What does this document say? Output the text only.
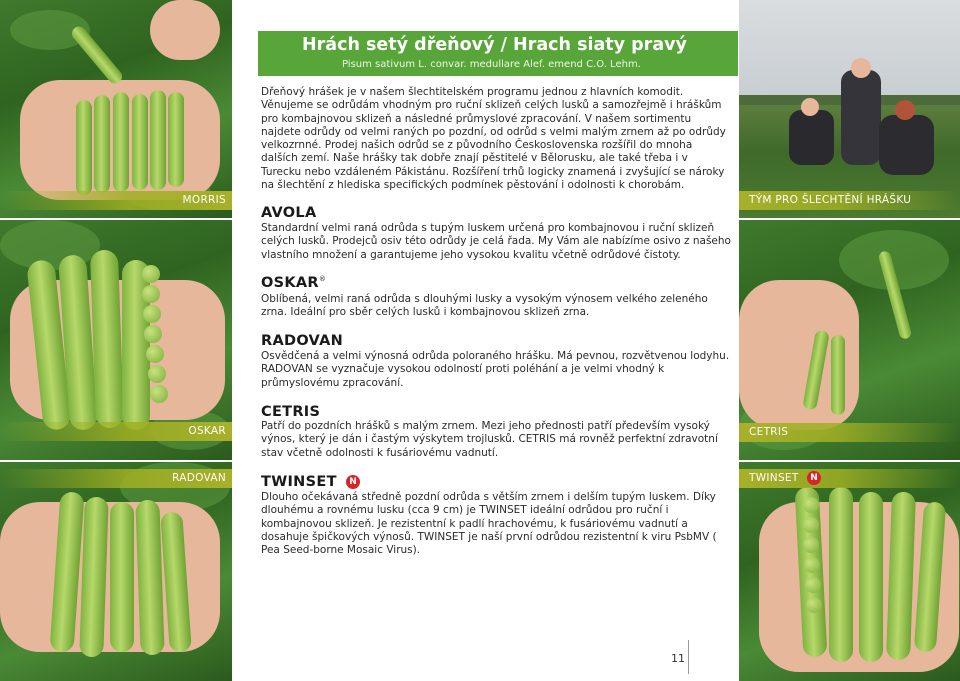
MORRIS
OSKAR
RADOVAN
TÝM PRO ŠLECHTĚNÍ HRÁŠKU
CETRIS
TWINSET N
Hrách setý dřeňový / Hrach siaty pravý
Pisum sativum L. convar. medullare Alef. emend C.O. Lehm.

Dřeňový hrášek je v našem šlechtitelském programu jednou z hlavních komodit. Věnujeme se odrůdám vhodným pro ruční sklizeň celých lusků a samozřejmě i hráškům pro kombajnovou sklizeň a následné průmyslové zpracování. V našem sortimentu najdete odrůdy od velmi raných po pozdní, od odrůd s velmi malým zrnem až po odrůdy velkozrnné. Prodej našich odrůd se z původního Československa rozšířil do mnoha dalších zemí. Naše hrášky tak dobře znají pěstitelé v Bělorusku, ale také třeba i v Turecku nebo vzdáleném Pákistánu. Rozšíření trhů logicky znamená i zvyšující se nároky na šlechtění z hlediska specifických podmínek pěstování i odolnosti k chorobám.

AVOLA
Standardní velmi raná odrůda s tupým luskem určená pro kombajnovou i ruční sklizeň celých lusků. Prodejců osiv této odrůdy je celá řada. My Vám ale nabízíme osivo z našeho vlastního množení a garantujeme jeho vysokou kvalitu včetně odrůdové čistoty.
OSKAR®
Oblíbená, velmi raná odrůda s dlouhými lusky a vysokým výnosem velkého zeleného zrna. Ideální pro sběr celých lusků i kombajnovou sklizeň zrna.
RADOVAN
Osvědčená a velmi výnosná odrůda poloraného hrášku. Má pevnou, rozvětvenou lodyhu. RADOVAN se vyznačuje vysokou odolností proti poléhání a je velmi vhodný k průmyslovému zpracování.
CETRIS
Patří do pozdních hrášků s malým zrnem. Mezi jeho přednosti patří především vysoký výnos, který je dán i častým výskytem trojlusků. CETRIS má rovněž perfektní zdravotní stav včetně odolnosti k fusáriovému vadnutí.
TWINSET N
Dlouho očekávaná středně pozdní odrůda s větším zrnem i delším tupým luskem. Díky dlouhému a rovnému lusku (cca 9 cm) je TWINSET ideální odrůdou pro ruční i kombajnovou sklizeň. Je rezistentní k padlí hrachovému, k fusáriovému vadnutí a dosahuje špičkových výnosů. TWINSET je naší první odrůdou rezistentní k viru PsbMV ( Pea Seed-borne Mosaic Virus).
11
